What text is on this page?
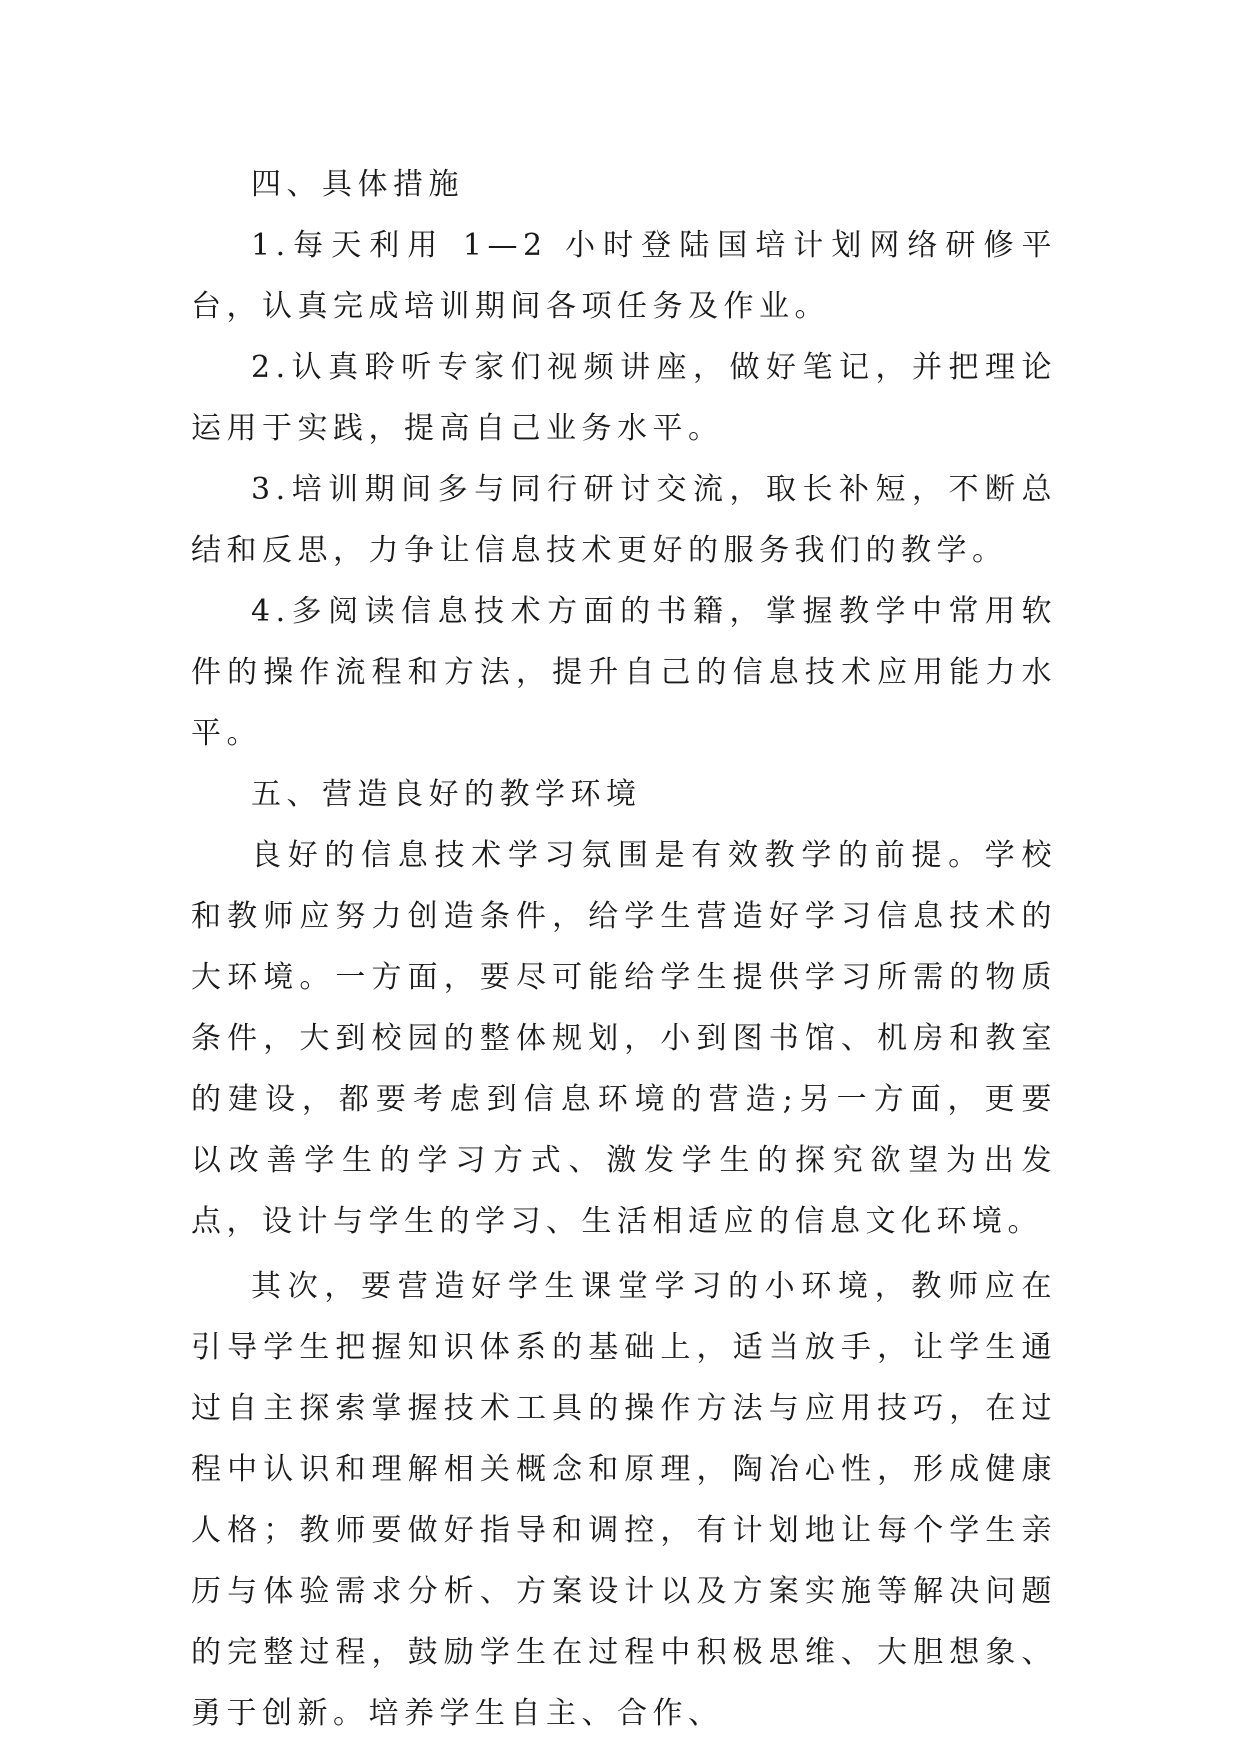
四、具体措施

1.每天利用 1—2 小时登陆国培计划网络研修平台，认真完成培训期间各项任务及作业。

2.认真聆听专家们视频讲座，做好笔记，并把理论运用于实践，提高自己业务水平。

3.培训期间多与同行研讨交流，取长补短，不断总结和反思，力争让信息技术更好的服务我们的教学。

4.多阅读信息技术方面的书籍，掌握教学中常用软件的操作流程和方法，提升自己的信息技术应用能力水平。

五、营造良好的教学环境

良好的信息技术学习氛围是有效教学的前提。学校和教师应努力创造条件，给学生营造好学习信息技术的大环境。一方面，要尽可能给学生提供学习所需的物质条件，大到校园的整体规划，小到图书馆、机房和教室的建设，都要考虑到信息环境的营造;另一方面，更要以改善学生的学习方式、激发学生的探究欲望为出发点，设计与学生的学习、生活相适应的信息文化环境。

其次，要营造好学生课堂学习的小环境，教师应在引导学生把握知识体系的基础上，适当放手，让学生通过自主探索掌握技术工具的操作方法与应用技巧，在过程中认识和理解相关概念和原理，陶冶心性，形成健康人格；教师要做好指导和调控，有计划地让每个学生亲历与体验需求分析、方案设计以及方案实施等解决问题的完整过程，鼓励学生在过程中积极思维、大胆想象、勇于创新。培养学生自主、合作、
